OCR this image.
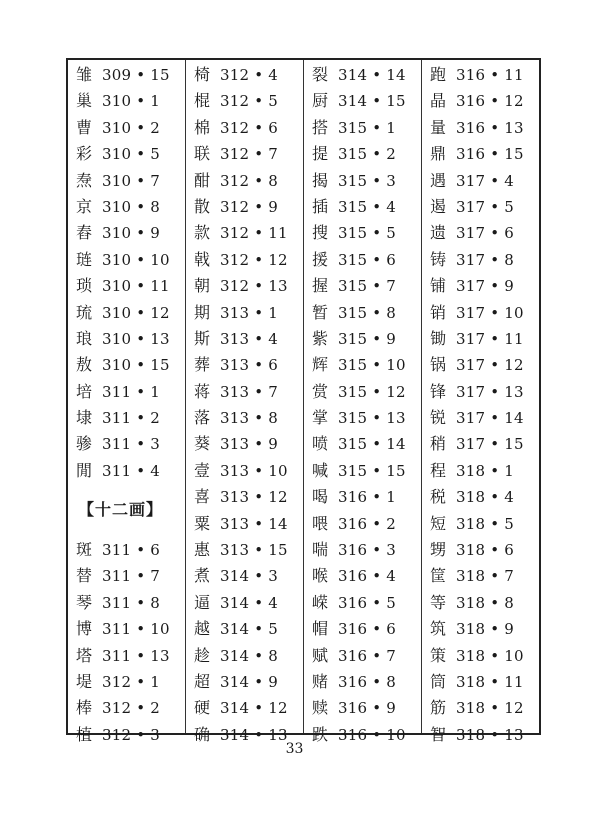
雏 309 • 15
巢 310 • 1
曹 310 • 2
彩 310 • 5
焘 310 • 7
京 310 • 8
舂 310 • 9
琏 310 • 10
琐 310 • 11
琉 310 • 12
琅 310 • 13
敖 310 • 15
培 311 • 1
埭 311 • 2
骖 311 • 3
閒 311 • 4
【十二画】
斑 311 • 6
替 311 • 7
琴 311 • 8
博 311 • 10
塔 311 • 13
堤 312 • 1
棒 312 • 2
植 312 • 3
椅 312 • 4
棍 312 • 5
棉 312 • 6
联 312 • 7
酣 312 • 8
散 312 • 9
款 312 • 11
戟 312 • 12
朝 312 • 13
期 313 • 1
斯 313 • 4
葬 313 • 6
蒋 313 • 7
落 313 • 8
葵 313 • 9
壹 313 • 10
喜 313 • 12
粟 313 • 14
惠 313 • 15
煮 314 • 3
逼 314 • 4
越 314 • 5
趁 314 • 8
超 314 • 9
硬 314 • 12
确 314 • 13
裂 314 • 14
厨 314 • 15
搭 315 • 1
提 315 • 2
揭 315 • 3
插 315 • 4
搜 315 • 5
援 315 • 6
握 315 • 7
暂 315 • 8
紫 315 • 9
辉 315 • 10
赏 315 • 12
掌 315 • 13
喷 315 • 14
喊 315 • 15
喝 316 • 1
喂 316 • 2
喘 316 • 3
喉 316 • 4
嵘 316 • 5
帽 316 • 6
赋 316 • 7
赌 316 • 8
赎 316 • 9
跌 316 • 10
跑 316 • 11
晶 316 • 12
量 316 • 13
鼎 316 • 15
遇 317 • 4
遏 317 • 5
遗 317 • 6
铸 317 • 8
铺 317 • 9
销 317 • 10
锄 317 • 11
锅 317 • 12
锋 317 • 13
锐 317 • 14
稍 317 • 15
程 318 • 1
税 318 • 4
短 318 • 5
甥 318 • 6
筐 318 • 7
等 318 • 8
筑 318 • 9
策 318 • 10
筒 318 • 11
筋 318 • 12
智 318 • 13
33
